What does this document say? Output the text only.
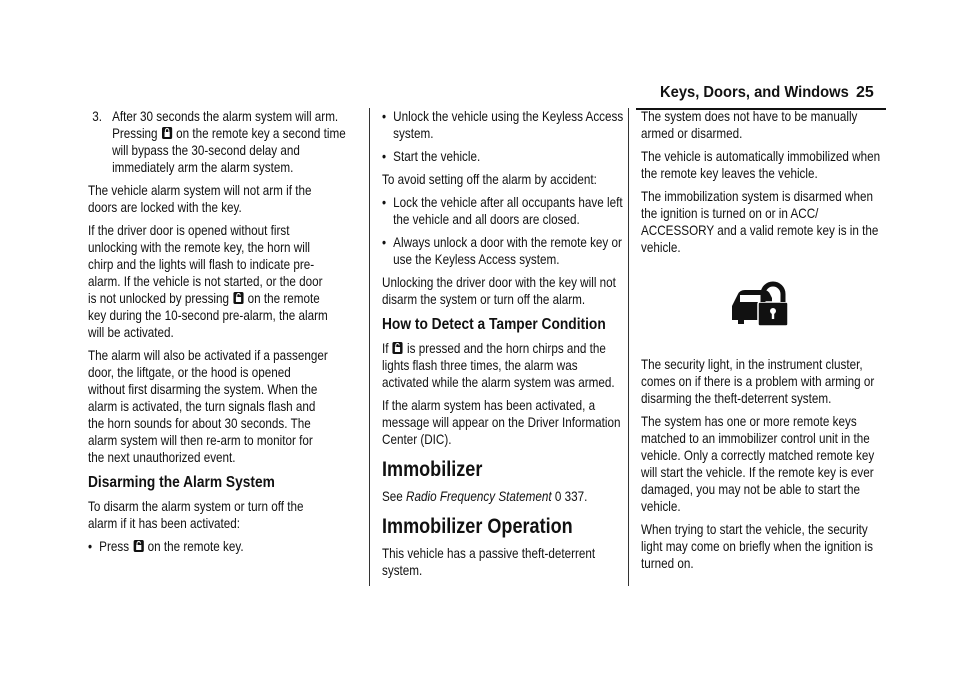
Keys, Doors, and Windows 25

3. After 30 seconds the alarm system will arm. Pressing on the remote key a second time will bypass the 30-second delay and immediately arm the alarm system.

The vehicle alarm system will not arm if the doors are locked with the key.

If the driver door is opened without first unlocking with the remote key, the horn will chirp and the lights will flash to indicate pre-alarm. If the vehicle is not started, or the door is not unlocked by pressing on the remote key during the 10-second pre-alarm, the alarm will be activated.

The alarm will also be activated if a passenger door, the liftgate, or the hood is opened without first disarming the system. When the alarm is activated, the turn signals flash and the horn sounds for about 30 seconds. The alarm system will then re-arm to monitor for the next unauthorized event.

Disarming the Alarm System

To disarm the alarm system or turn off the alarm if it has been activated:

• Press on the remote key.

• Unlock the vehicle using the Keyless Access system.

• Start the vehicle.

To avoid setting off the alarm by accident:

• Lock the vehicle after all occupants have left the vehicle and all doors are closed.

• Always unlock a door with the remote key or use the Keyless Access system.

Unlocking the driver door with the key will not disarm the system or turn off the alarm.

How to Detect a Tamper Condition

If is pressed and the horn chirps and the lights flash three times, the alarm was activated while the alarm system was armed.

If the alarm system has been activated, a message will appear on the Driver Information Center (DIC).

Immobilizer

See Radio Frequency Statement 0 337.

Immobilizer Operation

This vehicle has a passive theft-deterrent system.

The system does not have to be manually armed or disarmed.

The vehicle is automatically immobilized when the remote key leaves the vehicle.

The immobilization system is disarmed when the ignition is turned on or in ACC/ ACCESSORY and a valid remote key is in the vehicle.

The security light, in the instrument cluster, comes on if there is a problem with arming or disarming the theft-deterrent system.

The system has one or more remote keys matched to an immobilizer control unit in the vehicle. Only a correctly matched remote key will start the vehicle. If the remote key is ever damaged, you may not be able to start the vehicle.

When trying to start the vehicle, the security light may come on briefly when the ignition is turned on.
